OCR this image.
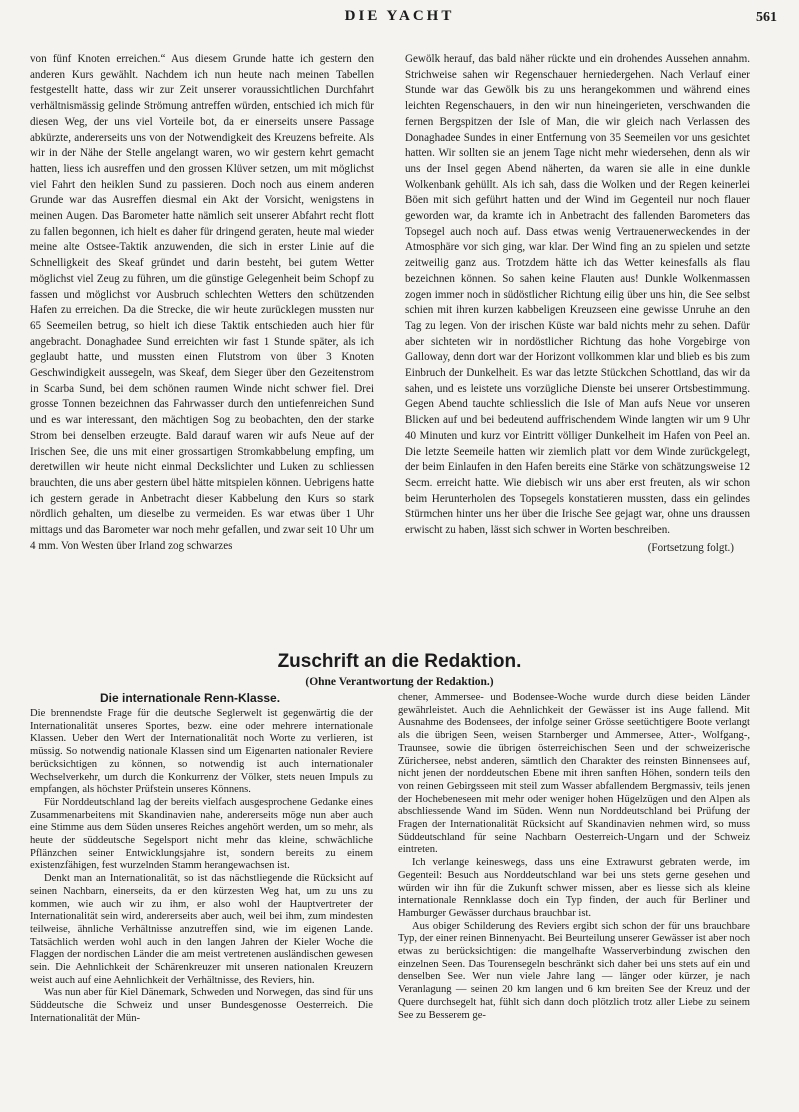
DIE YACHT	561

von fünf Knoten erreichen.“ Aus diesem Grunde hatte ich gestern den anderen Kurs gewählt. Nachdem ich nun heute nach meinen Tabellen festgestellt hatte, dass wir zur Zeit unserer voraussichtlichen Durchfahrt verhältnismässig gelinde Strömung antreffen würden, entschied ich mich für diesen Weg, der uns viel Vorteile bot, da er einerseits unsere Passage abkürzte, andererseits uns von der Notwendigkeit des Kreuzens befreite. Als wir in der Nähe der Stelle angelangt waren, wo wir gestern kehrt gemacht hatten, liess ich ausreffen und den grossen Klüver setzen, um mit möglichst viel Fahrt den heiklen Sund zu passieren. Doch noch aus einem anderen Grunde war das Ausreffen diesmal ein Akt der Vorsicht, wenigstens in meinen Augen. Das Barometer hatte nämlich seit unserer Abfahrt recht flott zu fallen begonnen, ich hielt es daher für dringend geraten, heute mal wieder meine alte Ostsee-Taktik anzuwenden, die sich in erster Linie auf die Schnelligkeit des Skeaf gründet und darin besteht, bei gutem Wetter möglichst viel Zeug zu führen, um die günstige Gelegenheit beim Schopf zu fassen und möglichst vor Ausbruch schlechten Wetters den schützenden Hafen zu erreichen. Da die Strecke, die wir heute zurücklegen mussten nur 65 Seemeilen betrug, so hielt ich diese Taktik entschieden auch hier für angebracht. Donaghadee Sund erreichten wir fast 1 Stunde später, als ich geglaubt hatte, und mussten einen Flutstrom von über 3 Knoten Geschwindigkeit aussegeln, was Skeaf, dem Sieger über den Gezeitenstrom in Scarba Sund, bei dem schönen raumen Winde nicht schwer fiel. Drei grosse Tonnen bezeichnen das Fahrwasser durch den untiefenreichen Sund und es war interessant, den mächtigen Sog zu beobachten, den der starke Strom bei denselben erzeugte. Bald darauf waren wir aufs Neue auf der Irischen See, die uns mit einer grossartigen Stromkabbelung empfing, um deretwillen wir heute nicht einmal Deckslichter und Luken zu schliessen brauchten, die uns aber gestern übel hätte mitspielen können. Uebrigens hatte ich gestern gerade in Anbetracht dieser Kabbelung den Kurs so stark nördlich gehalten, um dieselbe zu vermeiden. Es war etwas über 1 Uhr mittags und das Barometer war noch mehr gefallen, und zwar seit 10 Uhr um 4 mm. Von Westen über Irland zog schwarzes

Gewölk herauf, das bald näher rückte und ein drohendes Aussehen annahm. Strichweise sahen wir Regenschauer herniedergehen. Nach Verlauf einer Stunde war das Gewölk bis zu uns herangekommen und während eines leichten Regenschauers, in den wir nun hineingerieten, verschwanden die fernen Bergspitzen der Isle of Man, die wir gleich nach Verlassen des Donaghadee Sundes in einer Entfernung von 35 Seemeilen vor uns gesichtet hatten. Wir sollten sie an jenem Tage nicht mehr wiedersehen, denn als wir uns der Insel gegen Abend näherten, da waren sie alle in eine dunkle Wolkenbank gehüllt. Als ich sah, dass die Wolken und der Regen keinerlei Böen mit sich geführt hatten und der Wind im Gegenteil nur noch flauer geworden war, da kramte ich in Anbetracht des fallenden Barometers das Topsegel auch noch auf. Dass etwas wenig Vertrauenerweckendes in der Atmosphäre vor sich ging, war klar. Der Wind fing an zu spielen und setzte zeitweilig ganz aus. Trotzdem hätte ich das Wetter keinesfalls als flau bezeichnen können. So sahen keine Flauten aus! Dunkle Wolkenmassen zogen immer noch in südöstlicher Richtung eilig über uns hin, die See selbst schien mit ihren kurzen kabbeligen Kreuzseen eine gewisse Unruhe an den Tag zu legen. Von der irischen Küste war bald nichts mehr zu sehen. Dafür aber sichteten wir in nordöstlicher Richtung das hohe Vorgebirge von Galloway, denn dort war der Horizont vollkommen klar und blieb es bis zum Einbruch der Dunkelheit. Es war das letzte Stückchen Schottland, das wir da sahen, und es leistete uns vorzügliche Dienste bei unserer Ortsbestimmung. Gegen Abend tauchte schliesslich die Isle of Man aufs Neue vor unseren Blicken auf und bei bedeutend auffrischendem Winde langten wir um 9 Uhr 40 Minuten und kurz vor Eintritt völliger Dunkelheit im Hafen von Peel an. Die letzte Seemeile hatten wir ziemlich platt vor dem Winde zurückgelegt, der beim Einlaufen in den Hafen bereits eine Stärke von schätzungsweise 12 Secm. erreicht hatte. Wie diebisch wir uns aber erst freuten, als wir schon beim Herunterholen des Topsegels konstatieren mussten, dass ein gelindes Stürmchen hinter uns her über die Irische See gejagt war, ohne uns draussen erwischt zu haben, lässt sich schwer in Worten beschreiben.

(Fortsetzung folgt.)

Zuschrift an die Redaktion.
(Ohne Verantwortung der Redaktion.)
Die internationale Renn-Klasse.

Die brennendste Frage für die deutsche Seglerwelt ist gegenwärtig die der Internationalität unseres Sportes, bezw. eine oder mehrere internationale Klassen. Ueber den Wert der Internationalität noch Worte zu verlieren, ist müssig. So notwendig nationale Klassen sind um Eigenarten nationaler Reviere berücksichtigen zu können, so notwendig ist auch internationaler Wechselverkehr, um durch die Konkurrenz der Völker, stets neuen Impuls zu empfangen, als höchster Prüfstein unseres Könnens.

Für Norddeutschland lag der bereits vielfach ausgesprochene Gedanke eines Zusammenarbeitens mit Skandinavien nahe, andererseits möge nun aber auch eine Stimme aus dem Süden unseres Reiches angehört werden, um so mehr, als heute der süddeutsche Segelsport nicht mehr das kleine, schwächliche Pflänzchen seiner Entwicklungsjahre ist, sondern bereits zu einem existenzfähigen, fest wurzelnden Stamm herangewachsen ist.

Denkt man an Internationalität, so ist das nächstliegende die Rücksicht auf seinen Nachbarn, einerseits, da er den kürzesten Weg hat, um zu uns zu kommen, wie auch wir zu ihm, er also wohl der Hauptvertreter der Internationalität sein wird, andererseits aber auch, weil bei ihm, zum mindesten teilweise, ähnliche Verhältnisse anzutreffen sind, wie im eigenen Lande. Tatsächlich werden wohl auch in den langen Jahren der Kieler Woche die Flaggen der nordischen Länder die am meist vertretenen ausländischen gewesen sein. Die Aehnlichkeit der Schärenkreuzer mit unseren nationalen Kreuzern weist auch auf eine Aehnlichkeit der Verhältnisse, des Reviers, hin.

Was nun aber für Kiel Dänemark, Schweden und Norwegen, das sind für uns Süddeutsche die Schweiz und unser Bundesgenosse Oesterreich. Die Internationalität der Mün-

chener, Ammersee- und Bodensee-Woche wurde durch diese beiden Länder gewährleistet. Auch die Aehnlichkeit der Gewässer ist ins Auge fallend. Mit Ausnahme des Bodensees, der infolge seiner Grösse seetüchtigere Boote verlangt als die übrigen Seen, weisen Starnberger und Ammersee, Atter-, Wolfgang-, Traunsee, sowie die übrigen österreichischen Seen und der schweizerische Zürichersee, nebst anderen, sämtlich den Charakter des reinsten Binnensees auf, nicht jenen der norddeutschen Ebene mit ihren sanften Höhen, sondern teils den von reinen Gebirgsseen mit steil zum Wasser abfallendem Bergmassiv, teils jenen der Hochebeneseen mit mehr oder weniger hohen Hügelzügen und den Alpen als abschliessende Wand im Süden. Wenn nun Norddeutschland bei Prüfung der Fragen der Internationalität Rücksicht auf Skandinavien nehmen wird, so muss Süddeutschland für seine Nachbarn Oesterreich-Ungarn und der Schweiz eintreten.

Ich verlange keineswegs, dass uns eine Extrawurst gebraten werde, im Gegenteil: Besuch aus Norddeutschland war bei uns stets gerne gesehen und würden wir ihn für die Zukunft schwer missen, aber es liesse sich als kleine internationale Rennklasse doch ein Typ finden, der auch für Berliner und Hamburger Gewässer durchaus brauchbar ist.

Aus obiger Schilderung des Reviers ergibt sich schon der für uns brauchbare Typ, der einer reinen Binnenyacht. Bei Beurteilung unserer Gewässer ist aber noch etwas zu berücksichtigen: die mangelhafte Wasserverbindung zwischen den einzelnen Seen. Das Tourensegeln beschränkt sich daher bei uns stets auf ein und denselben See. Wer nun viele Jahre lang — länger oder kürzer, je nach Veranlagung — seinen 20 km langen und 6 km breiten See der Kreuz und der Quere durchsegelt hat, fühlt sich dann doch plötzlich trotz aller Liebe zu seinem See zu Besserem ge-
